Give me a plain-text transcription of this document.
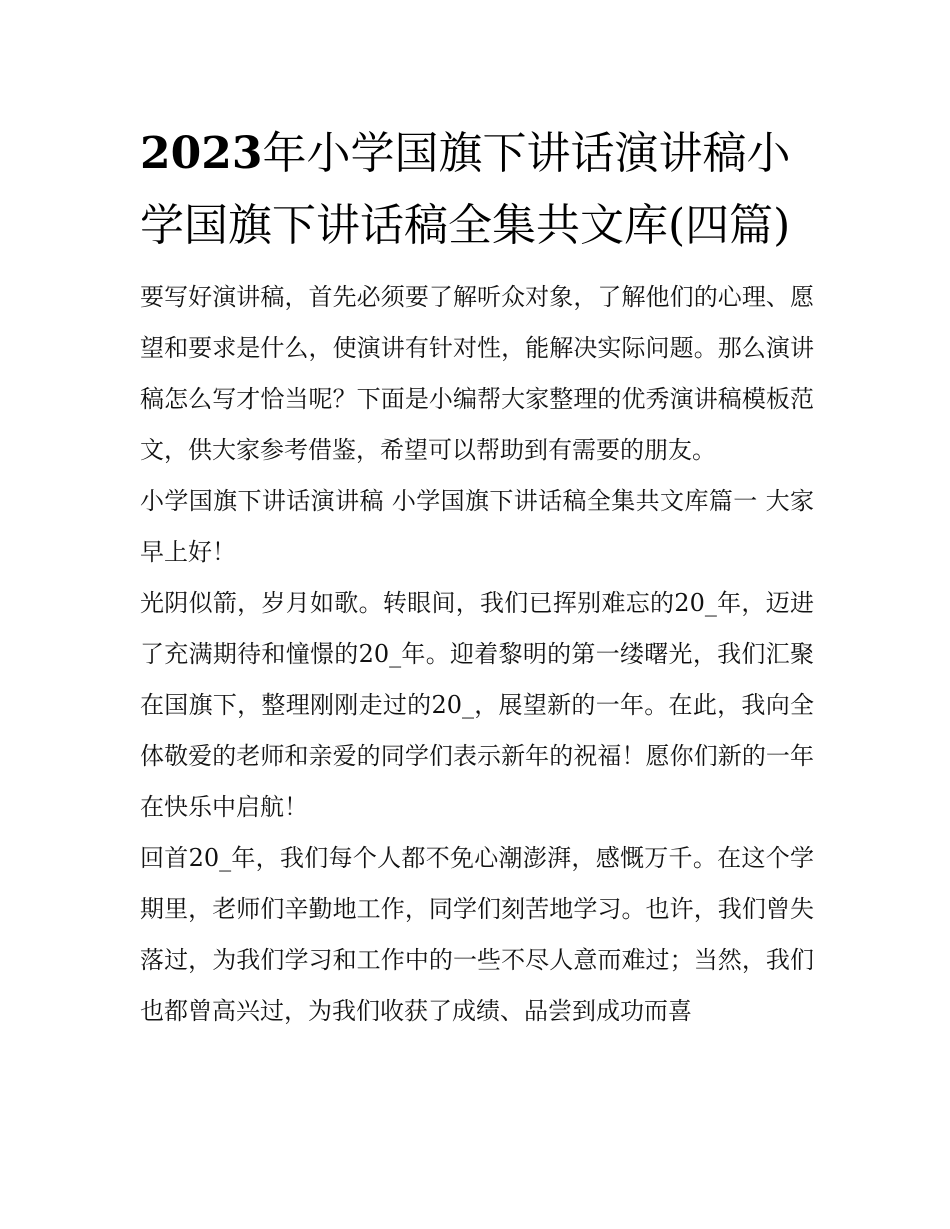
2023年小学国旗下讲话演讲稿小学国旗下讲话稿全集共文库(四篇)

要写好演讲稿，首先必须要了解听众对象，了解他们的心理、愿望和要求是什么，使演讲有针对性，能解决实际问题。那么演讲稿怎么写才恰当呢？下面是小编帮大家整理的优秀演讲稿模板范文，供大家参考借鉴，希望可以帮助到有需要的朋友。

小学国旗下讲话演讲稿 小学国旗下讲话稿全集共文库篇一 大家早上好！

光阴似箭，岁月如歌。转眼间，我们已挥别难忘的20_年，迈进了充满期待和憧憬的20_年。迎着黎明的第一缕曙光，我们汇聚在国旗下，整理刚刚走过的20_，展望新的一年。在此，我向全体敬爱的老师和亲爱的同学们表示新年的祝福！愿你们新的一年在快乐中启航！

回首20_年，我们每个人都不免心潮澎湃，感慨万千。在这个学期里，老师们辛勤地工作，同学们刻苦地学习。也许，我们曾失落过，为我们学习和工作中的一些不尽人意而难过；当然，我们也都曾高兴过，为我们收获了成绩、品尝到成功而喜
